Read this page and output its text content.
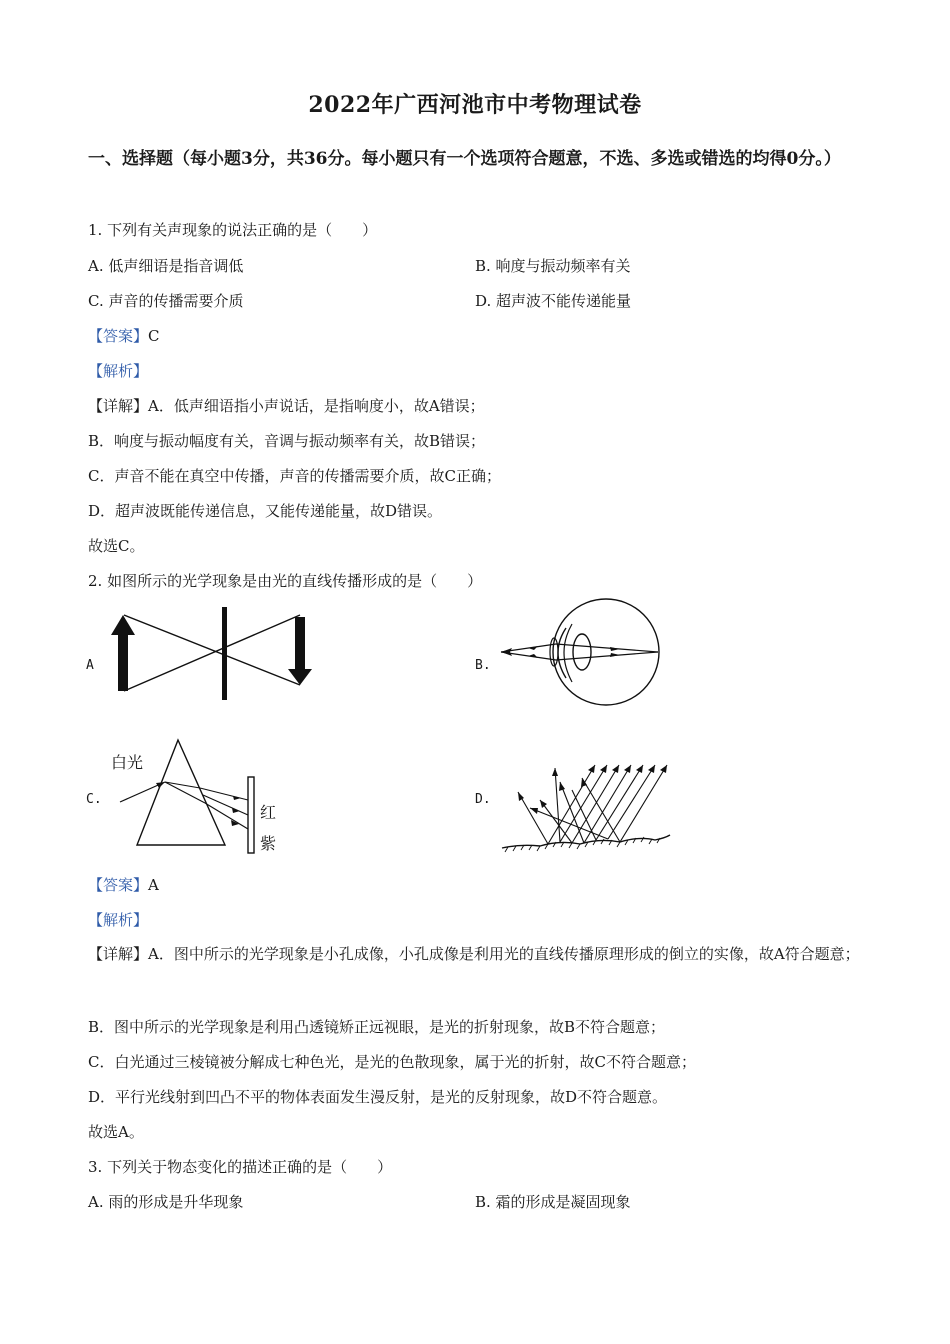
2022年广西河池市中考物理试卷
一、选择题（每小题3分，共36分。每小题只有一个选项符合题意，不选、多选或错选的均得0分。）
1. 下列有关声现象的说法正确的是（　　）
A. 低声细语是指音调低	B. 响度与振动频率有关
C. 声音的传播需要介质	D. 超声波不能传递能量
【答案】C
【解析】
【详解】A．低声细语指小声说话，是指响度小，故A错误；
B．响度与振动幅度有关，音调与振动频率有关，故B错误；
C．声音不能在真空中传播，声音的传播需要介质，故C正确；
D．超声波既能传递信息，又能传递能量，故D错误。
故选C。
2. 如图所示的光学现象是由光的直线传播形成的是（　　）
A	B.
白光
C.
红
紫
D.
【答案】A
【解析】
【详解】A．图中所示的光学现象是小孔成像，小孔成像是利用光的直线传播原理形成的倒立的实像，故A符合题意；
B．图中所示的光学现象是利用凸透镜矫正远视眼，是光的折射现象，故B不符合题意；
C．白光通过三棱镜被分解成七种色光，是光的色散现象，属于光的折射，故C不符合题意；
D．平行光线射到凹凸不平的物体表面发生漫反射，是光的反射现象，故D不符合题意。
故选A。
3. 下列关于物态变化的描述正确的是（　　）
A. 雨的形成是升华现象	B. 霜的形成是凝固现象
